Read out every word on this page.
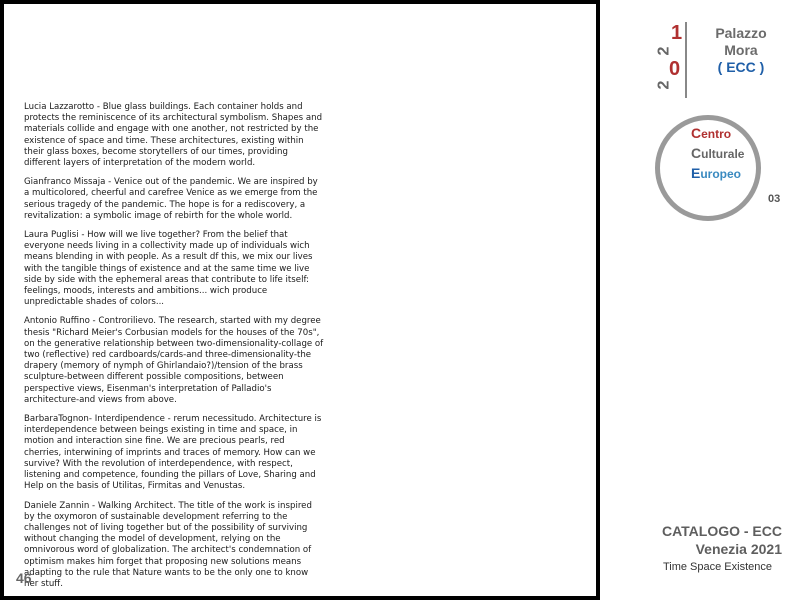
Lucia Lazzarotto - Blue glass buildings. Each container holds and protects the reminiscence of its architectural symbolism. Shapes and materials collide and engage with one another, not restricted by the existence of space and time. These architectures, existing within their glass boxes, become storytellers of our times, providing different layers of interpretation of the modern world.

Gianfranco Missaja - Venice out of the pandemic. We are inspired by a multicolored, cheerful and carefree Venice as we emerge from the serious tragedy of the pandemic. The hope is for a rediscovery, a revitalization: a symbolic image of rebirth for the whole world.

Laura Puglisi - How will we live together? From the belief that everyone needs living in a collectivity made up of individuals wich means blending in with people. As a result df this, we mix our lives with the tangible things of existence and at the same time we live side by side with the ephemeral areas that contribute to life itself: feelings, moods, interests and ambitions... wich produce unpredictable shades of colors...

Antonio Ruffino - Controrilievo. The research, started with my degree thesis "Richard Meier's Corbusian models for the houses of the 70s", on the generative relationship between two-dimensionality-collage of two (reflective) red cardboards/cards-and three-dimensionality-the drapery (memory of nymph of Ghirlandaio?)/tension of the brass sculpture-between different possible compositions, between perspective views, Eisenman's interpretation of Palladio's architecture-and views from above.

BarbaraTognon- Interdipendence - rerum necessitudo. Architecture is interdependence between beings existing in time and space, in motion and interaction sine fine. We are precious pearls, red cherries, interwining of imprints and traces of memory. How can we survive? With the revolution of interdependence, with respect, listening and competence, founding the pillars of Love, Sharing and Help on the basis of Utilitas, Firmitas and Venustas.

Daniele Zannin - Walking Architect. The title of the work is inspired by the oxymoron of sustainable development referring to the challenges not of living together but of the possibility of surviving without changing the model of development, relying on the omnivorous word of globalization. The architect's condemnation of optimism makes him forget that proposing new solutions means adapting to the rule that Nature wants to be the only one to know her stuff.

46
1
0
2
2
Palazzo
Mora
( ECC )
Centro
Culturale
Europeo
03
CATALOGO - ECC
Venezia 2021
Time Space Existence
